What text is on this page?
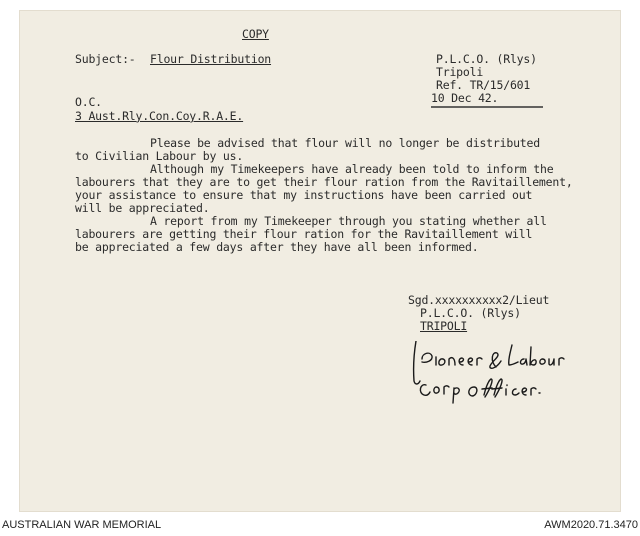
COPY
Subject:- Flour Distribution	P.L.C.O. (Rlys)
Tripoli
Ref. TR/15/601
10 Dec 42.
O.C.
3 Aust.Rly.Con.Coy.R.A.E.
Please be advised that flour will no longer be distributed
to Civilian Labour by us.
Although my Timekeepers have already been told to inform the
labourers that they are to get their flour ration from the Ravitaillement,
your assistance to ensure that my instructions have been carried out
will be appreciated.
A report from my Timekeeper through you stating whether all
labourers are getting their flour ration for the Ravitaillement will
be appreciated a few days after they have all been informed.
Sgd.xxxxxxxxxx2/Lieut
P.L.C.O. (Rlys)
TRIPOLI
AUSTRALIAN WAR MEMORIAL	AWM2020.71.3470
